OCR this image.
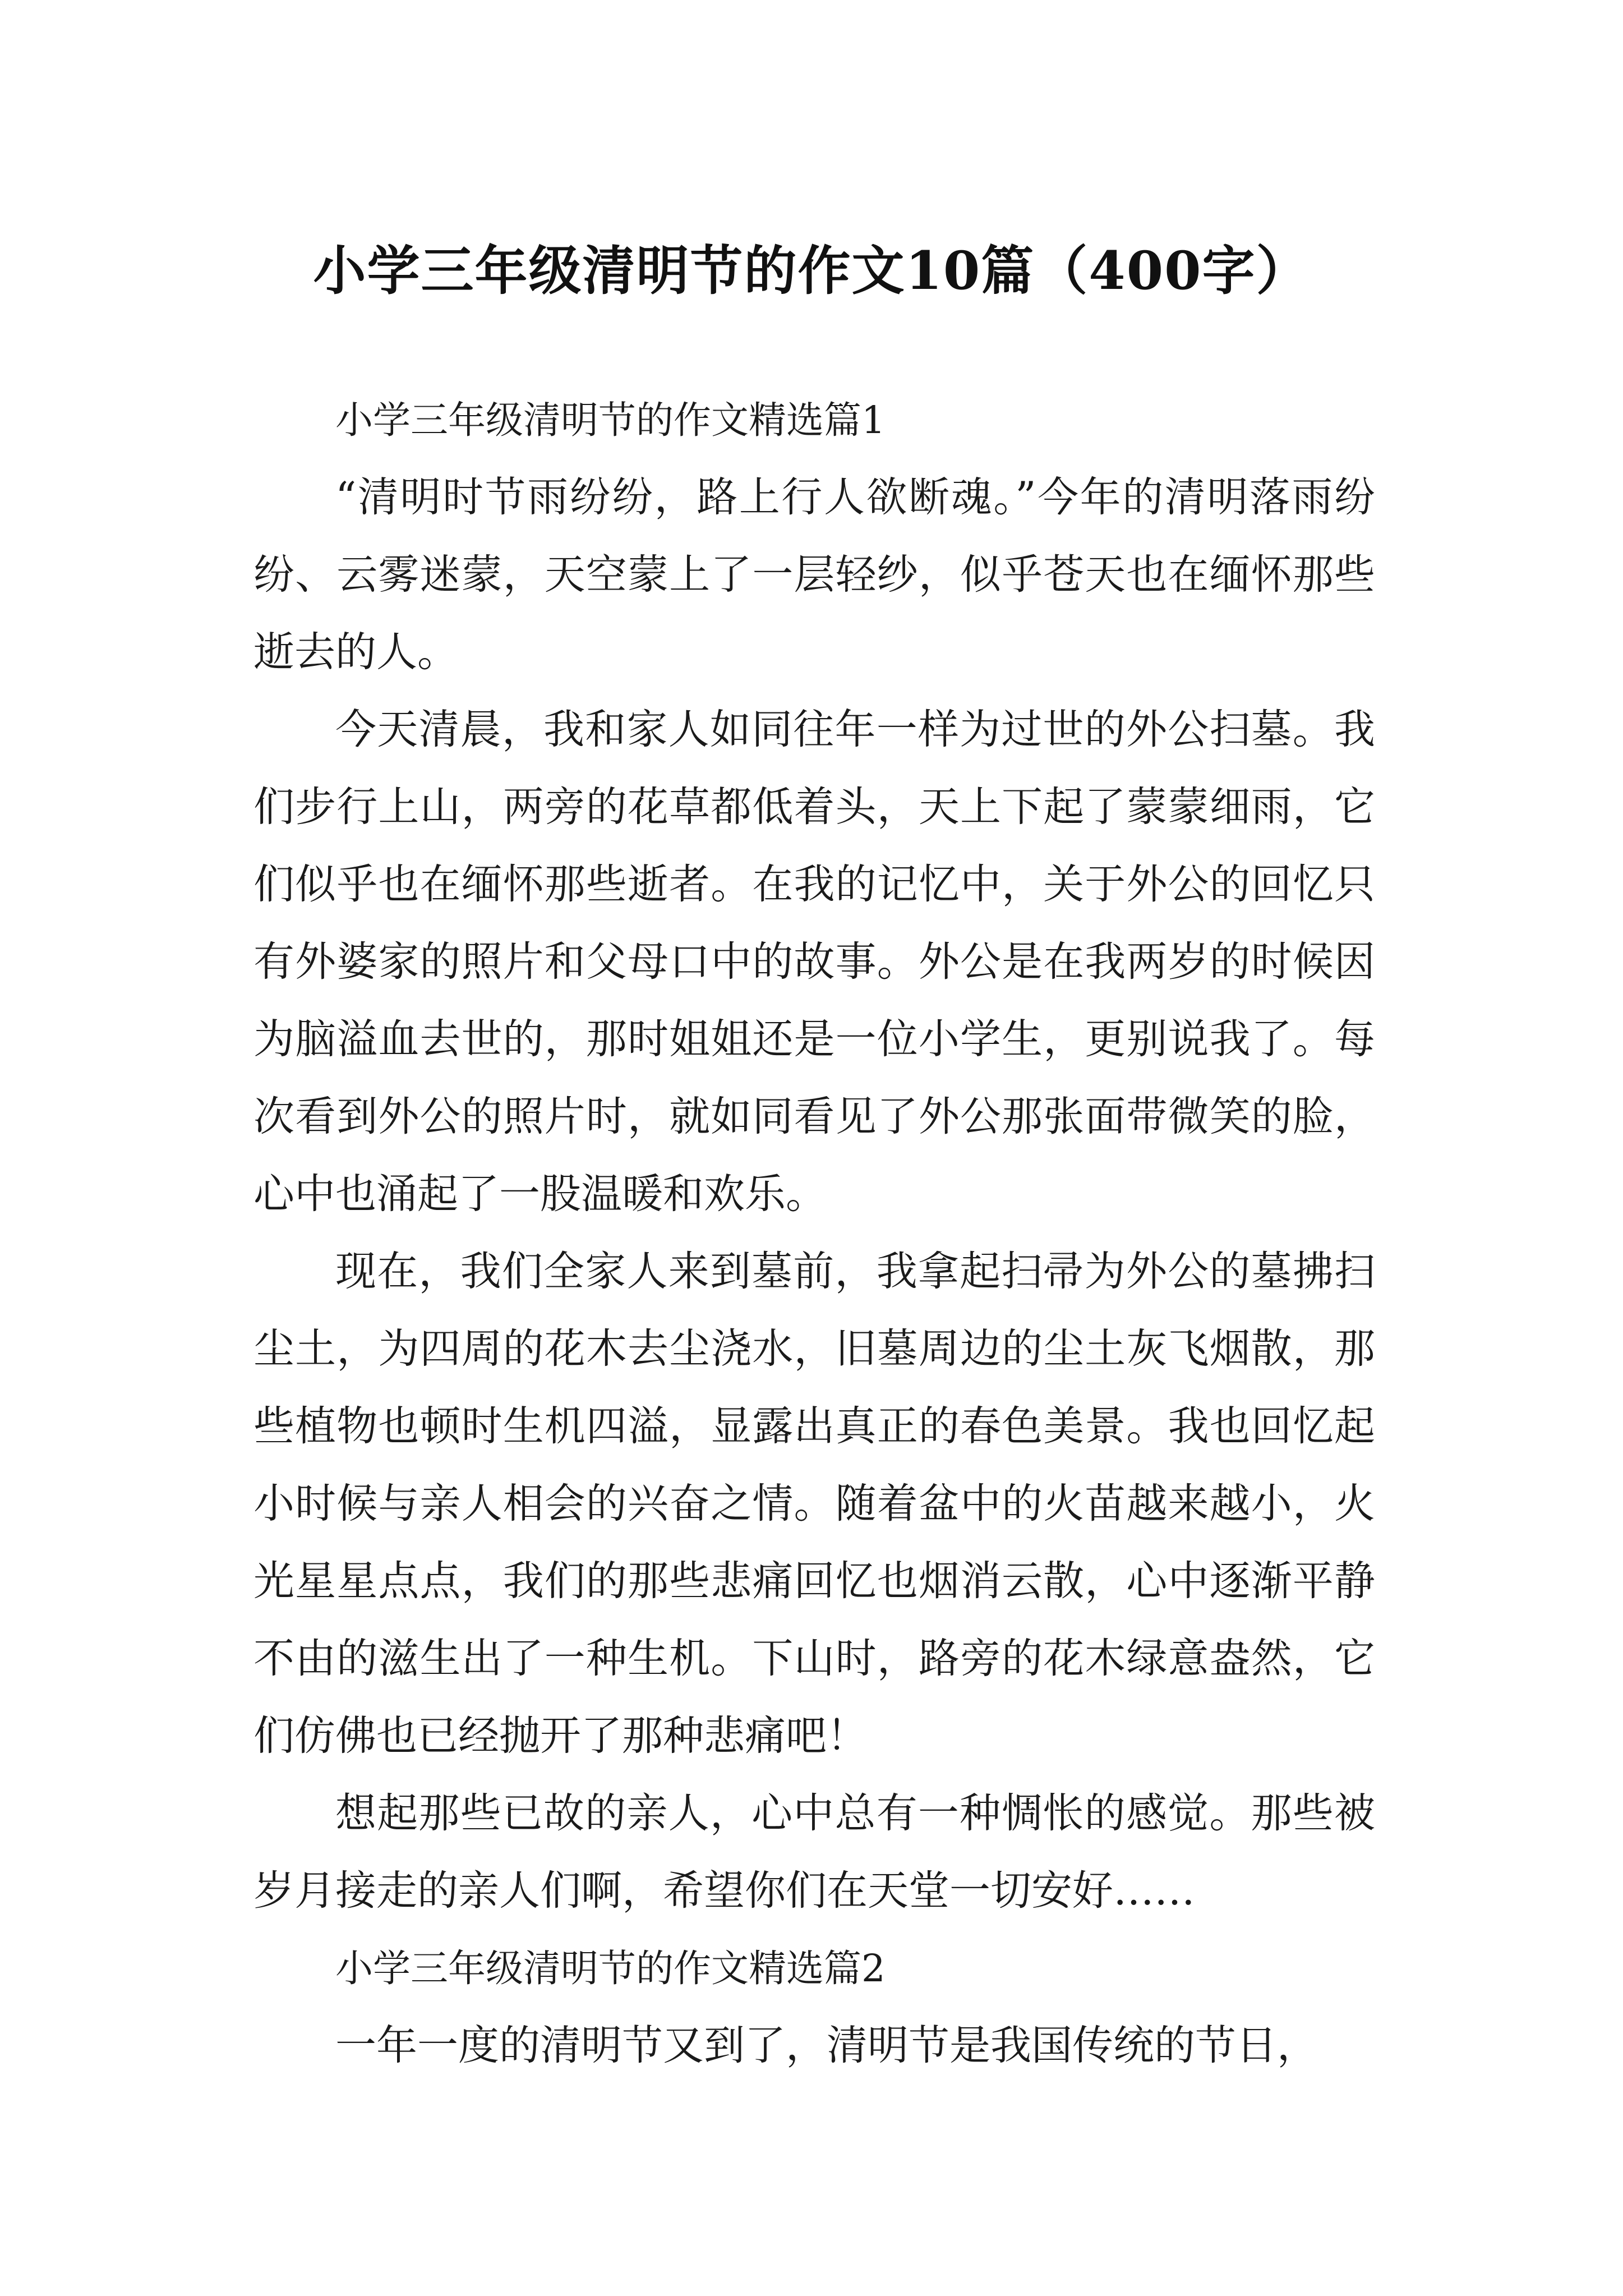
小学三年级清明节的作文10篇（400字）

小学三年级清明节的作文精选篇1

“清明时节雨纷纷，路上行人欲断魂。”今年的清明落雨纷纷、云雾迷蒙，天空蒙上了一层轻纱，似乎苍天也在缅怀那些逝去的人。

今天清晨，我和家人如同往年一样为过世的外公扫墓。我们步行上山，两旁的花草都低着头，天上下起了蒙蒙细雨，它们似乎也在缅怀那些逝者。在我的记忆中，关于外公的回忆只有外婆家的照片和父母口中的故事。外公是在我两岁的时候因为脑溢血去世的，那时姐姐还是一位小学生，更别说我了。每次看到外公的照片时，就如同看见了外公那张面带微笑的脸，心中也涌起了一股温暖和欢乐。

现在，我们全家人来到墓前，我拿起扫帚为外公的墓拂扫尘土，为四周的花木去尘浇水，旧墓周边的尘土灰飞烟散，那些植物也顿时生机四溢，显露出真正的春色美景。我也回忆起小时候与亲人相会的兴奋之情。随着盆中的火苗越来越小，火光星星点点，我们的那些悲痛回忆也烟消云散，心中逐渐平静不由的滋生出了一种生机。下山时，路旁的花木绿意盎然，它们仿佛也已经抛开了那种悲痛吧！

想起那些已故的亲人，心中总有一种惆怅的感觉。那些被岁月接走的亲人们啊，希望你们在天堂一切安好……

小学三年级清明节的作文精选篇2

一年一度的清明节又到了，清明节是我国传统的节日，
